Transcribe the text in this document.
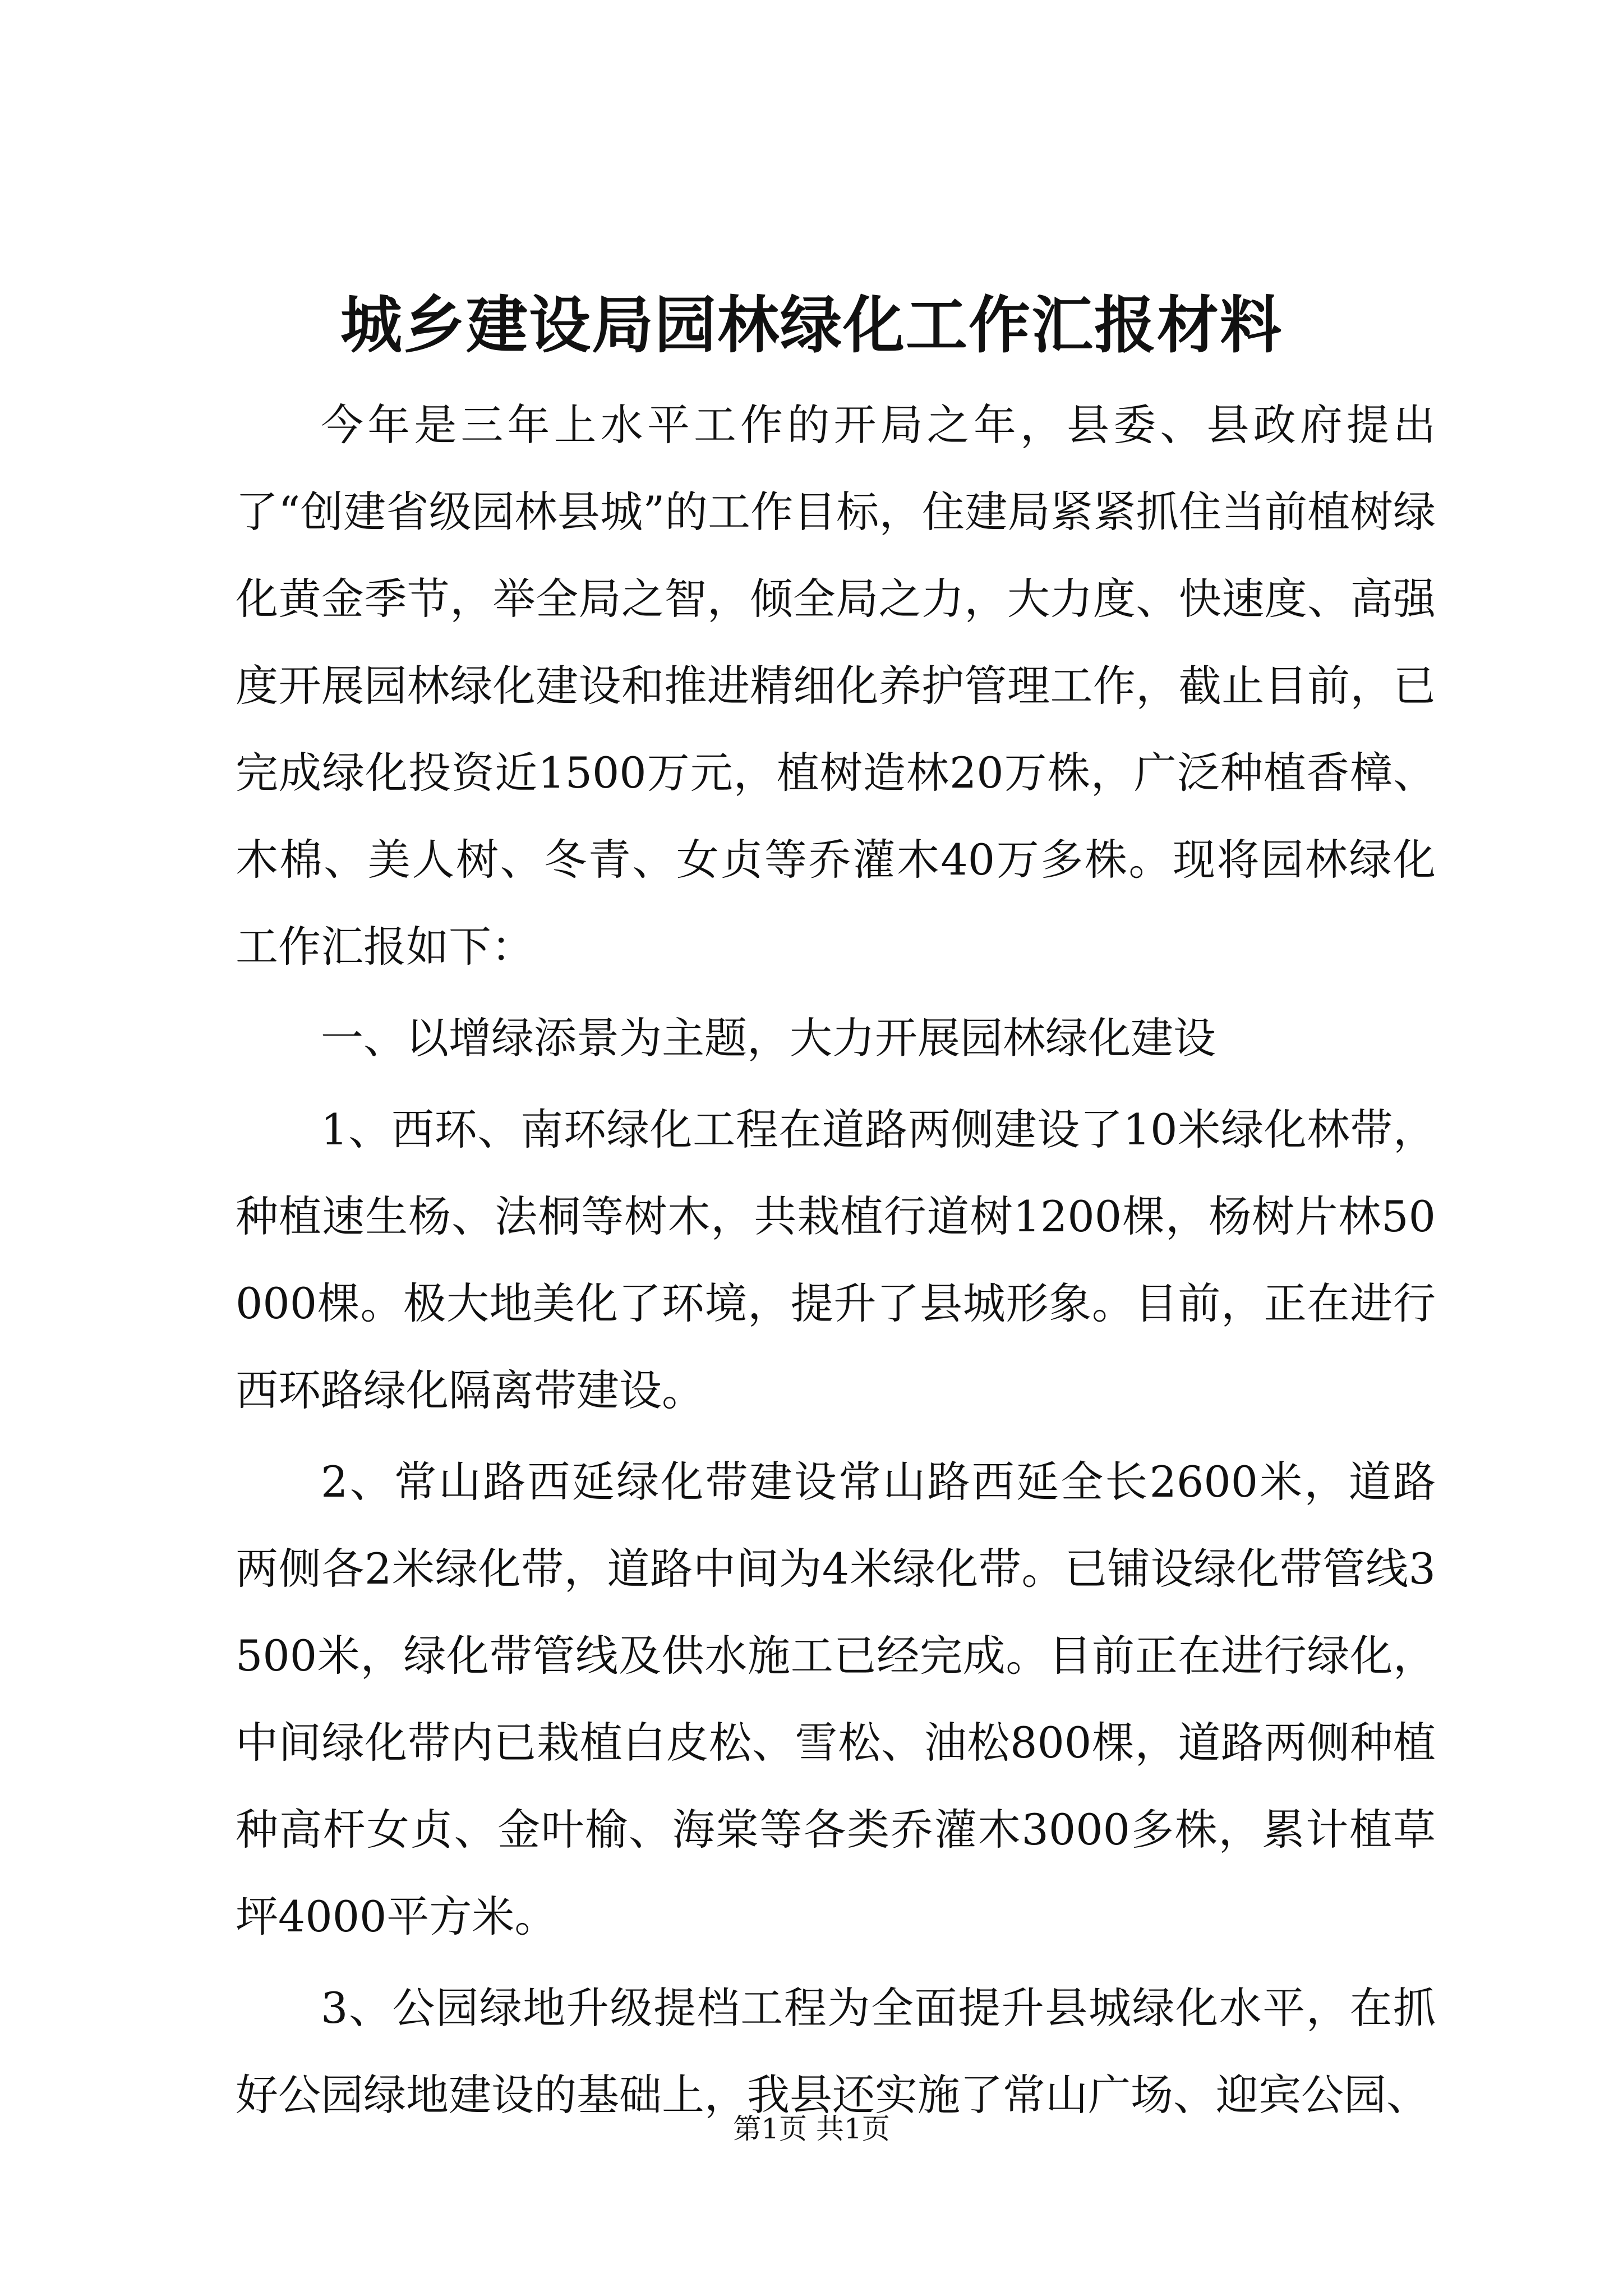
城乡建设局园林绿化工作汇报材料

今年是三年上水平工作的开局之年，县委、县政府提出了“创建省级园林县城”的工作目标，住建局紧紧抓住当前植树绿化黄金季节，举全局之智，倾全局之力，大力度、快速度、高强度开展园林绿化建设和推进精细化养护管理工作，截止目前，已完成绿化投资近1500万元，植树造林20万株，广泛种植香樟、木棉、美人树、冬青、女贞等乔灌木40万多株。现将园林绿化工作汇报如下：

一、以增绿添景为主题，大力开展园林绿化建设

1、西环、南环绿化工程在道路两侧建设了10米绿化林带，种植速生杨、法桐等树木，共栽植行道树1200棵，杨树片林50000棵。极大地美化了环境，提升了县城形象。目前，正在进行西环路绿化隔离带建设。

2、常山路西延绿化带建设常山路西延全长2600米，道路两侧各2米绿化带，道路中间为4米绿化带。已铺设绿化带管线3500米，绿化带管线及供水施工已经完成。目前正在进行绿化，中间绿化带内已栽植白皮松、雪松、油松800棵，道路两侧种植种高杆女贞、金叶榆、海棠等各类乔灌木3000多株，累计植草坪4000平方米。

3、公园绿地升级提档工程为全面提升县城绿化水平，在抓好公园绿地建设的基础上，我县还实施了常山广场、迎宾公园、

第1页 共1页
